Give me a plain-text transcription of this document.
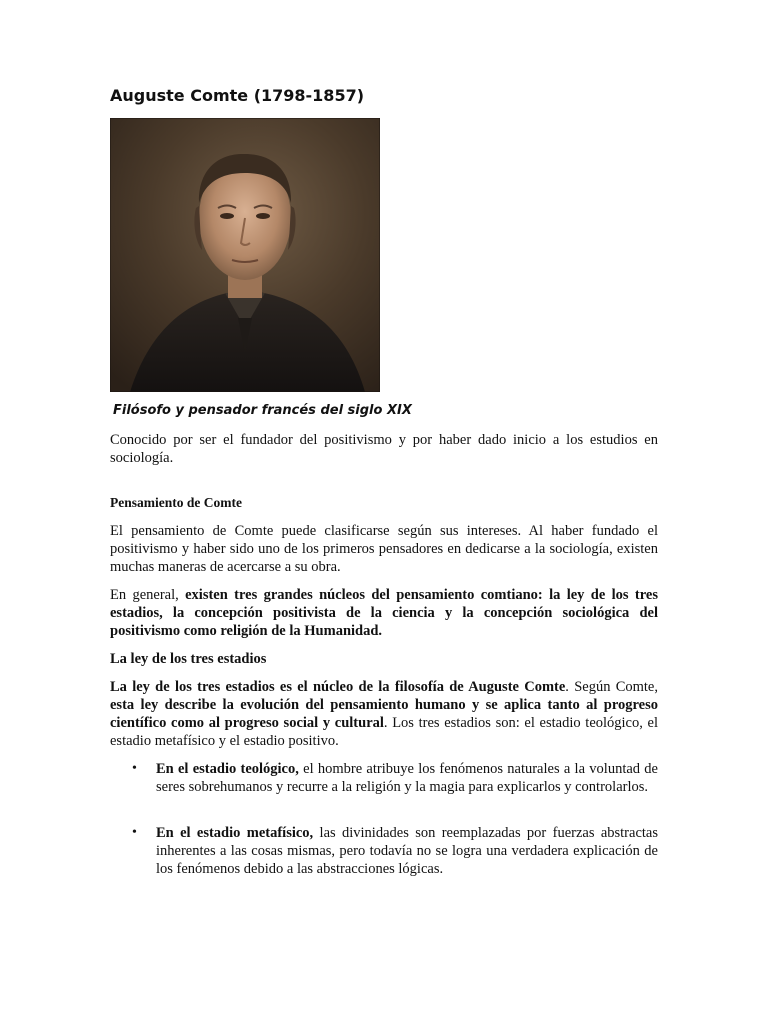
Auguste Comte (1798-1857)
Filósofo y pensador francés del siglo XIX

Conocido por ser el fundador del positivismo y por haber dado inicio a los estudios en sociología.

Pensamiento de Comte

El pensamiento de Comte puede clasificarse según sus intereses. Al haber fundado el positivismo y haber sido uno de los primeros pensadores en dedicarse a la sociología, existen muchas maneras de acercarse a su obra.

En general, existen tres grandes núcleos del pensamiento comtiano: la ley de los tres estadios, la concepción positivista de la ciencia y la concepción sociológica del positivismo como religión de la Humanidad.

La ley de los tres estadios

La ley de los tres estadios es el núcleo de la filosofía de Auguste Comte. Según Comte, esta ley describe la evolución del pensamiento humano y se aplica tanto al progreso científico como al progreso social y cultural. Los tres estadios son: el estadio teológico, el estadio metafísico y el estadio positivo.

• En el estadio teológico, el hombre atribuye los fenómenos naturales a la voluntad de seres sobrehumanos y recurre a la religión y la magia para explicarlos y controlarlos.
• En el estadio metafísico, las divinidades son reemplazadas por fuerzas abstractas inherentes a las cosas mismas, pero todavía no se logra una verdadera explicación de los fenómenos debido a las abstracciones lógicas.
